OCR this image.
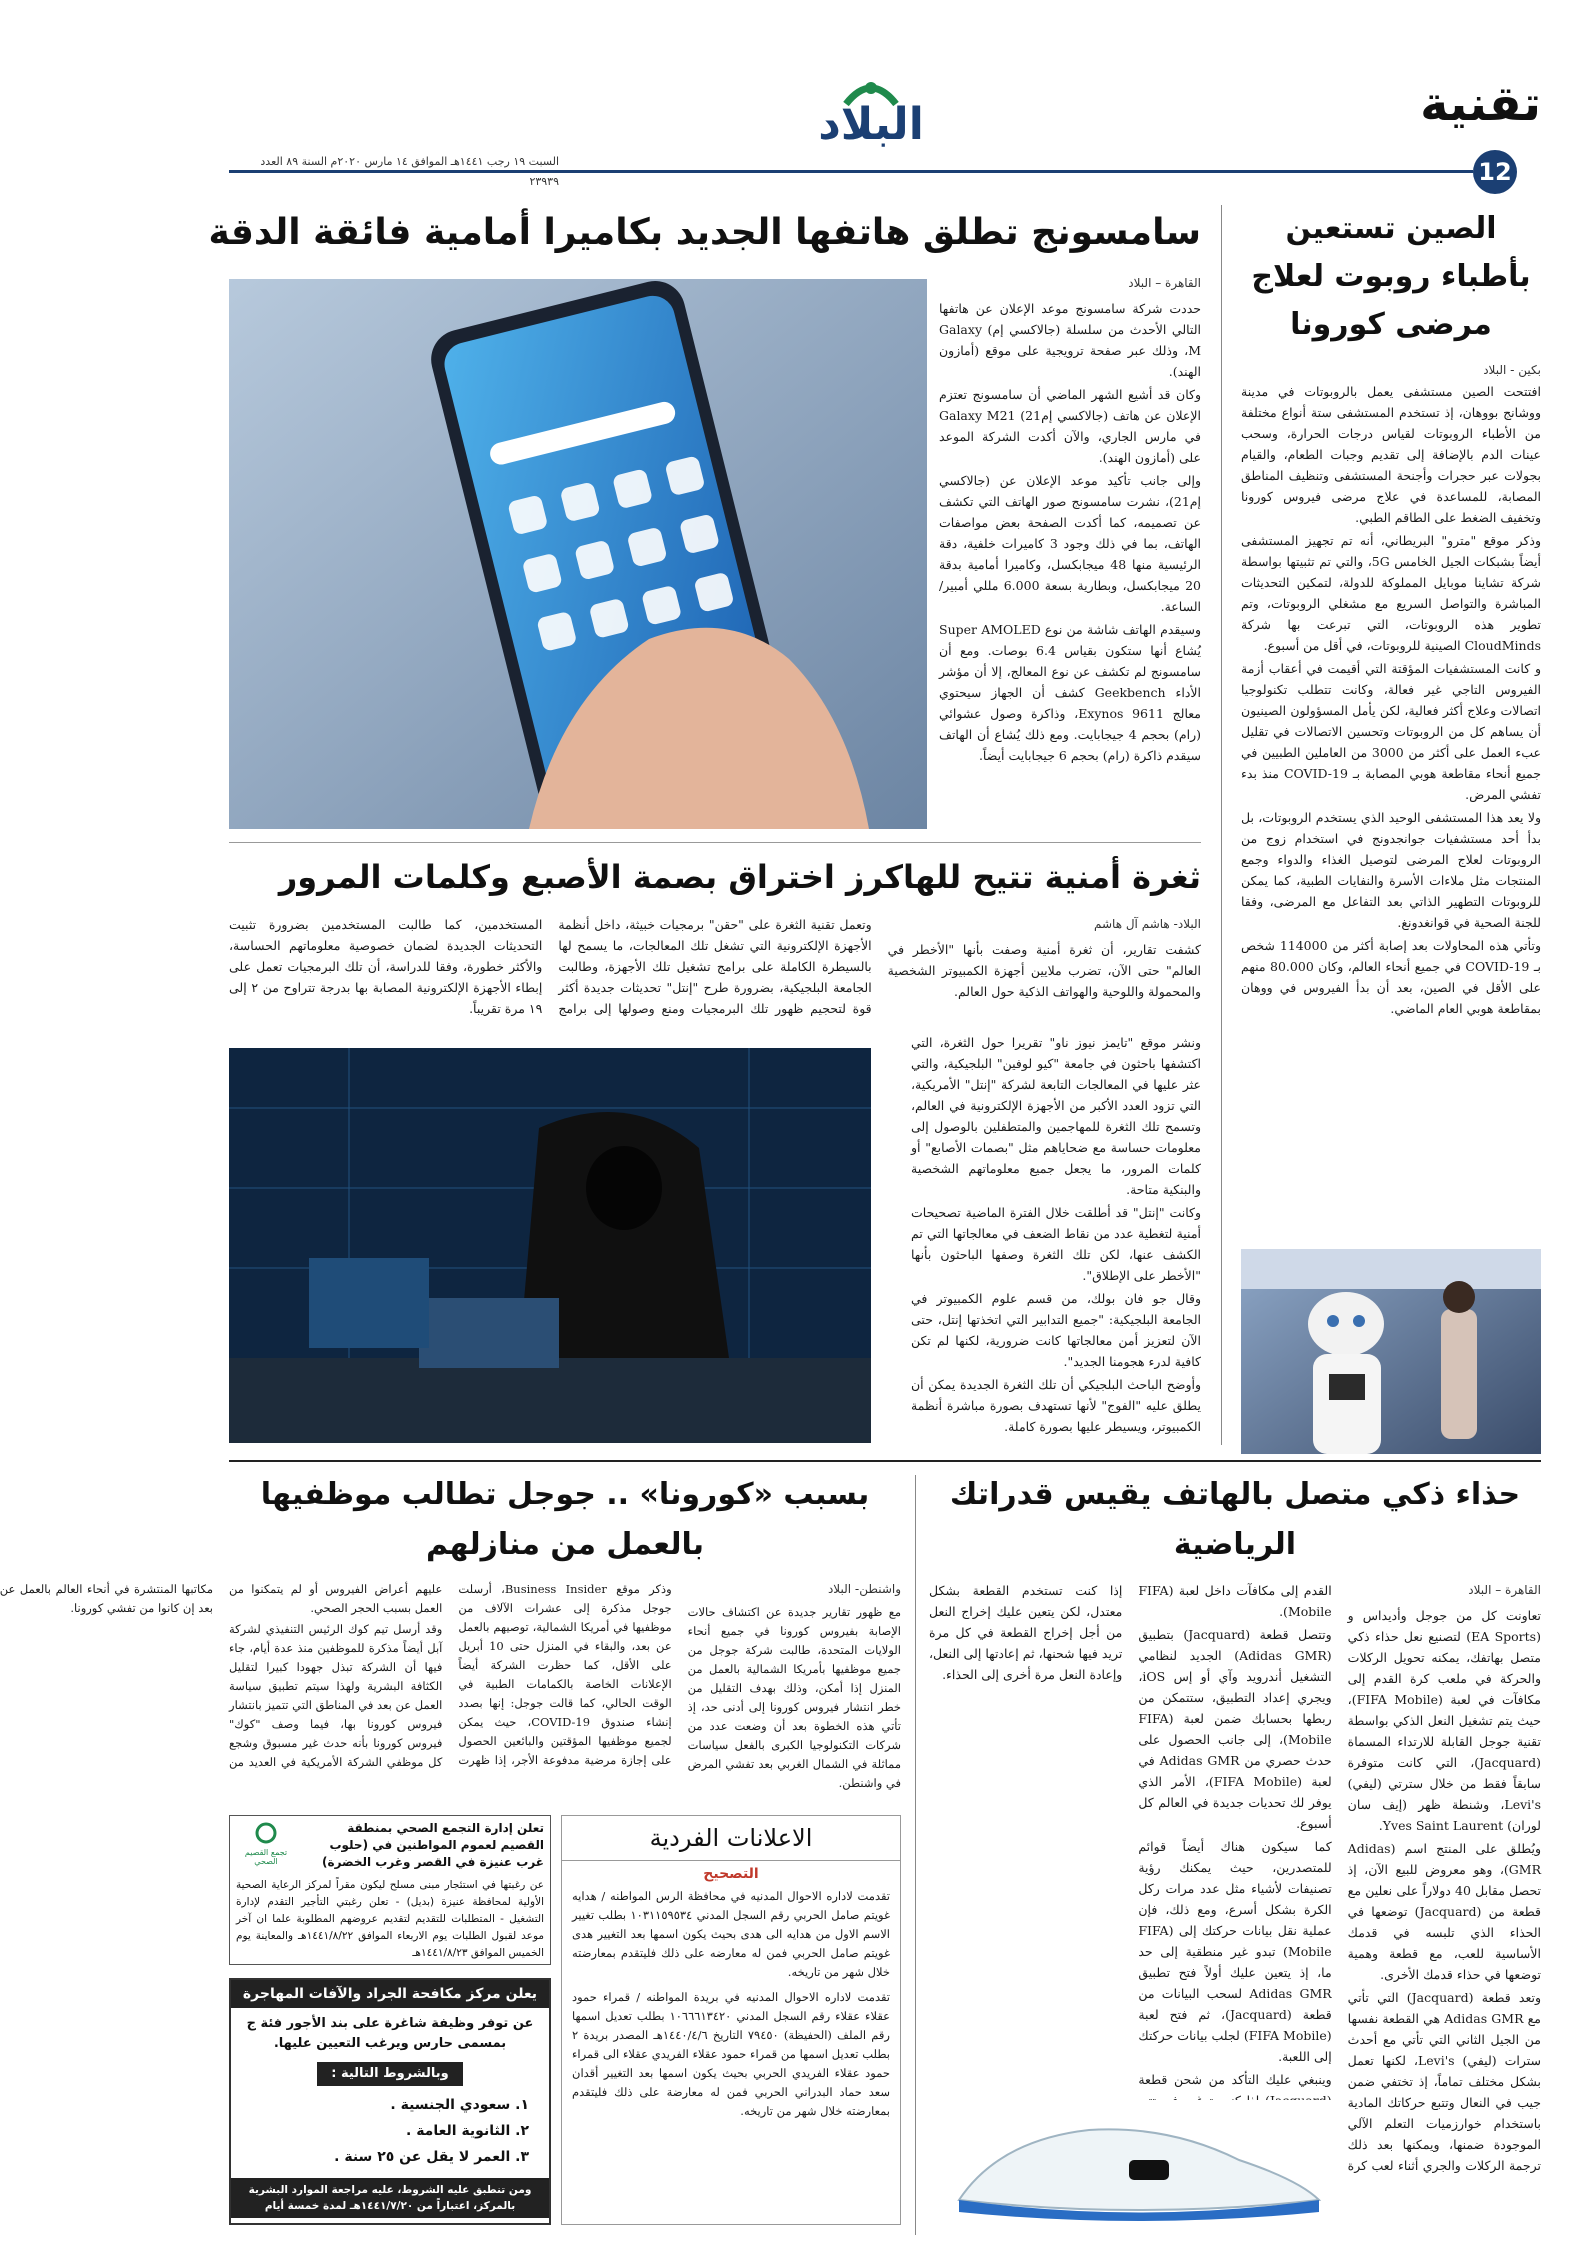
تقنية
12
البلاد
السبت ١٩ رجب ١٤٤١هـ الموافق ١٤ مارس ٢٠٢٠م السنة ٨٩ العدد ٢٣٩٣٩
الصين تستعين بأطباء روبوت لعلاج مرضى كورونا
بكين - البلاد

افتتحت الصين مستشفى يعمل بالروبوتات في مدينة ووشانج بووهان، إذ تستخدم المستشفى ستة أنواع مختلفة من الأطباء الروبوتات لقياس درجات الحرارة، وسحب عينات الدم بالإضافة إلى تقديم وجبات الطعام، والقيام بجولات عبر حجرات وأجنحة المستشفى وتنظيف المناطق المصابة، للمساعدة في علاج مرضى فيروس كورونا وتخفيف الضغط على الطاقم الطبي.

وذكر موقع "مترو" البريطاني، أنه تم تجهيز المستشفى أيضاً بشبكات الجيل الخامس 5G، والتي تم تثبيتها بواسطة شركة تشاينا موبايل المملوكة للدولة، لتمكين التحديثات المباشرة والتواصل السريع مع مشغلي الروبوتات، وتم تطوير هذه الروبوتات، التي تبرعت بها شركة CloudMinds الصينية للروبوتات، في أقل من أسبوع.

و كانت المستشفيات المؤقتة التي أقيمت في أعقاب أزمة الفيروس التاجي غير فعالة، وكانت تتطلب تكنولوجيا اتصالات وعلاج أكثر فعالية، لكن يأمل المسؤولون الصينيون أن يساهم كل من الروبوتات وتحسين الاتصالات في تقليل عبء العمل على أكثر من 3000 من العاملين الطبيين في جميع أنحاء مقاطعة هوبي المصابة بـ COVID-19 منذ بدء تفشي المرض.

ولا يعد هذا المستشفى الوحيد الذي يستخدم الروبوتات، بل بدأ أحد مستشفيات جوانجدونج في استخدام زوج من الروبوتات لعلاج المرضى لتوصيل الغذاء والدواء وجمع المنتجات مثل ملاءات الأسرة والنفايات الطبية، كما يمكن للروبوتات التطهير الذاتي بعد التفاعل مع المرضى، وفقا للجنة الصحية في قوانغدونغ.

وتأتي هذه المحاولات بعد إصابة أكثر من 114000 شخص بـ COVID-19 في جميع أنحاء العالم، وكان 80.000 منهم على الأقل في الصين، بعد أن بدأ الفيروس في ووهان بمقاطعة هوبي العام الماضي.

سامسونج تطلق هاتفها الجديد بكاميرا أمامية فائقة الدقة
القاهرة – البلاد

حددت شركة سامسونج موعد الإعلان عن هاتفها التالي الأحدث من سلسلة (جالاكسي إم) Galaxy M، وذلك عبر صفحة ترويجية على موقع (أمازون الهند).

وكان قد أشيع الشهر الماضي أن سامسونج تعتزم الإعلان عن هاتف (جالاكسي إم21) Galaxy M21 في مارس الجاري، والآن أكدت الشركة الموعد على (أمازون الهند).

وإلى جانب تأكيد موعد الإعلان عن (جالاكسي إم21)، نشرت سامسونج صور الهاتف التي تكشف عن تصميمه، كما أكدت الصفحة بعض مواصفات الهاتف، بما في ذلك وجود 3 كاميرات خلفية، دقة الرئيسية منها 48 ميجابكسل، وكاميرا أمامية بدقة 20 ميجابكسل، وبطارية بسعة 6.000 مللي أمبير/ الساعة.

وسيقدم الهاتف شاشة من نوع Super AMOLED يُشاع أنها ستكون بقياس 6.4 بوصات. ومع أن سامسونج لم تكشف عن نوع المعالج، إلا أن مؤشر الأداء Geekbench كشف أن الجهاز سيحتوي معالج Exynos 9611، وذاكرة وصول عشوائي (رام) بحجم 4 جيجابايت. ومع ذلك يُشاع أن الهاتف سيقدم ذاكرة (رام) بحجم 6 جيجابايت أيضاً.

ثغرة أمنية تتيح للهاكرز اختراق بصمة الأصبع وكلمات المرور
البلاد- هاشم آل هاشم

كشفت تقارير، أن ثغرة أمنية وصفت بأنها "الأخطر في العالم" حتى الآن، تضرب ملايين أجهزة الكمبيوتر الشخصية والمحمولة واللوحية والهواتف الذكية حول العالم.

وتعمل تقنية الثغرة على "حقن" برمجيات خبيثة، داخل أنظمة الأجهزة الإلكترونية التي تشغل تلك المعالجات، ما يسمح لها بالسيطرة الكاملة على برامج تشغيل تلك الأجهزة، وطالبت الجامعة البلجيكية، بضرورة طرح "إنتل" تحديثات جديدة أكثر قوة لتحجيم ظهور تلك البرمجيات ومنع وصولها إلى برامج المستخدمين، كما طالبت المستخدمين بضرورة تثبيت التحديثات الجديدة لضمان خصوصية معلوماتهم الحساسة، والأكثر خطورة، وفقا للدراسة، أن تلك البرمجيات تعمل على إبطاء الأجهزة الإلكترونية المصابة بها بدرجة تتراوح من ٢ إلى ١٩ مرة تقريباً.

ونشر موقع "تايمز نيوز ناو" تقريرا حول الثغرة، التي اكتشفها باحثون في جامعة "كيو لوفين" البلجيكية، والتي عثر عليها في المعالجات التابعة لشركة "إنتل" الأمريكية، التي تزود العدد الأكبر من الأجهزة الإلكترونية في العالم، وتسمح تلك الثغرة للمهاجمين والمتطفلين بالوصول إلى معلومات حساسة مع ضحاياهم مثل "بصمات الأصابع" أو كلمات المرور، ما يجعل جميع معلوماتهم الشخصية والبنكية متاحة.

وكانت "إنتل" قد أطلقت خلال الفترة الماضية تصحيحات أمنية لتغطية عدد من نقاط الضعف في معالجاتها التي تم الكشف عنها، لكن تلك الثغرة وصفها الباحثون بأنها "الأخطر على الإطلاق".

وقال جو فان بولك، من قسم علوم الكمبيوتر في الجامعة البلجيكية: "جميع التدابير التي اتخذتها إنتل، حتى الآن لتعزيز أمن معالجاتها كانت ضرورية، لكنها لم تكن كافية لدرء هجومنا الجديد".

وأوضح الباحث البلجيكي أن تلك الثغرة الجديدة يمكن أن يطلق عليه "الفوج" لأنها تستهدف بصورة مباشرة أنظمة الكمبيوتر، ويسيطر عليها بصورة كاملة.

حذاء ذكي متصل بالهاتف يقيس قدراتك الرياضية
القاهرة – البلاد

تعاونت كل من جوجل وأديداس و (EA Sports) لتصنيع نعل حذاء ذكي متصل بهاتفك، يمكنه تحويل الركلات والحركة في ملعب كرة القدم إلى مكافآت في لعبة (FIFA Mobile)، حيث يتم تشغيل النعل الذكي بواسطة تقنية جوجل القابلة للارتداء المسماة (Jacquard)، التي كانت متوفرة سابقاً فقط من خلال سترتي (ليفي) Levi's، وشنطة ظهر (إيف سان لوران) Yves Saint Laurent.

ويُطلق على المنتج اسم (Adidas GMR)، وهو معروض للبيع الآن، إذ تحصل مقابل 40 دولاراً على نعلين مع قطعة من (Jacquard) توضعها في الحذاء الذي تلبسه في قدمك الأساسية للعب، مع قطعة وهمية توضعها في حذاء قدمك الأخرى.

وتعد قطعة (Jacquard) التي تأتي مع Adidas GMR هي القطعة نفسها من الجيل الثاني التي تأتي مع أحدث سترات (ليفي) Levi's، لكنها تعمل بشكل مختلف تماماً، إذ تختفي ضمن جيب في النعال وتتبع حركاتك المادية باستخدام خوارزميات التعلم الآلي الموجودة ضمنها، ويمكنها بعد ذلك ترجمة الركلات والجري أثناء لعب كرة القدم إلى مكافآت داخل لعبة (FIFA Mobile).

وتتصل قطعة (Jacquard) بتطبيق (Adidas GMR) الجديد لنظامي التشغيل أندرويد وآي أو إس iOS، ويجري إعداد التطبيق، ستتمكن من ربطها بحسابك ضمن لعبة (FIFA Mobile)، إلى جانب الحصول على حدث حصري من Adidas GMR في لعبة (FIFA Mobile)، الأمر الذي يوفر لك تحديات جديدة في العالم كل أسبوع.

كما سيكون هناك أيضاً قوائم للمتصدرين، حيث يمكنك رؤية تصنيفات لأشياء مثل عدد مرات ركل الكرة بشكل أسرع، ومع ذلك، فإن عملية نقل بيانات حركتك إلى (FIFA Mobile) تبدو غير منطقية إلى حد ما، إذ يتعين عليك أولاً فتح تطبيق Adidas GMR لسحب البيانات من قطعة (Jacquard)، ثم فتح لعبة (FIFA Mobile) لجلب بيانات حركتك إلى اللعبة.

وينبغي عليك التأكد من شحن قطعة إذا كنت تستخدم القطعة بشكل معتدل، لكن يتعين عليك إخراج النعل من أجل إخراج القطعة في كل مرة تريد فيها شحنها، ثم إعادتها إلى النعل، وإعادة النعل مرة أخرى إلى الحذاء.

بسبب «كورونا» .. جوجل تطالب موظفيها بالعمل من منازلهم
واشنطن- البلاد

مع ظهور تقارير جديدة عن اكتشاف حالات الإصابة بفيروس كورونا في جميع أنحاء الولايات المتحدة، طالبت شركة جوجل من جميع موظفيها بأمريكا الشمالية بالعمل من المنزل إذا أمكن، وذلك بهدف التقليل من خطر انتشار فيروس كورونا إلى أدنى حد، إذ تأتي هذه الخطوة بعد أن وضعت عدد من شركات التكنولوجيا الكبرى بالفعل سياسات مماثلة في الشمال الغربي بعد تفشي المرض في واشنطن.

وذكر موقع Business Insider، أرسلت جوجل مذكرة إلى عشرات الآلاف من موظفيها في أمريكا الشمالية، توصيهم بالعمل عن بعد، والبقاء في المنزل حتى 10 أبريل على الأقل، كما حظرت الشركة أيضاً الإعلانات الخاصة بالكمامات الطبية في الوقت الحالي، كما قالت جوجل: إنها بصدد إنشاء صندوق COVID-19، حيث يمكن لجميع موظفيها المؤقتين والبائعين الحصول على إجازة مرضية مدفوعة الأجر، إذا ظهرت عليهم أعراض الفيروس أو لم يتمكنوا من العمل بسبب الحجر الصحي.

وقد أرسل تيم كوك الرئيس التنفيذي لشركة آبل أيضاً مذكرة للموظفين منذ عدة أيام، جاء فيها أن الشركة تبذل جهودا كبيرا لتقليل الكثافة البشرية ولهذا سيتم تطبيق سياسة العمل عن بعد في المناطق التي تتميز بانتشار فيروس كورونا بها، فيما وصف "كوك" فيروس كورونا بأنه حدث غير مسبوق وشجع كل موظفي الشركة الأمريكية في العديد من مكاتبها المنتشرة في أنحاء العالم بالعمل عن بعد إن كانوا من تفشي كورونا.

الاعلانات الفردية
التصحيح

تقدمت لاداره الاحوال المدنيه في محافظة الرس المواطنه / هدايه غويتم صامل الحربي رقم السجل المدني ١٠٣١١٥٩٥٣٤ بطلب تغيير الاسم الاول من هدايه الى هدى بحيث يكون اسمها بعد التغيير هدى غويتم صامل الحربي فمن له معارضه على ذلك فليتقدم بمعارضته خلال شهر من تاريخه.

تقدمت لاداره الاحوال المدنيه في بريدة المواطنه / قمراء حمود عقلاء عقلاء رقم السجل المدني ١٠٦٦٦١٣٤٢٠ بطلب تعديل اسمها رقم الملف (الحفيظة) ٧٩٤٥٠ التاريخ ١٤٤٠/٤/٦هـ المصدر بريدة ٢ بطلب تعديل اسمها من قمراء حمود عقلاء الفريدي عقلاء الى قمراء حمود عقلاء الفريدي الحربي بحيث يكون اسمها بعد التغيير أقدان سعد حماد البدراني الحربي فمن له معارضة على ذلك فليتقدم بمعارضته خلال شهر من تاريخه.

تعلن إدارة التجمع الصحي بمنطقة القصيم لعموم المواطنين في (حلوب غرب عنيزة في القصر وغرب الخضرة)
تجمع القصيم الصحي
عن رغبتها في استئجار مبنى مسلح ليكون مقراً لمركز الرعاية الصحية الأولية لمحافظة عنيزة (بديل) - تعلن رغبتي التأجير التقدم لإدارة التشغيل - المتطلبات للتقديم لتقديم عروضهم المطلوبة علما ان آخر موعد لقبول الطلبات يوم الاربعاء الموافق ١٤٤١/٨/٢٢هـ والمعاينة يوم الخميس الموافق ١٤٤١/٨/٢٣هـ
يعلن مركز مكافحة الجراد والآفات المهاجرة
عن توفر وظيفة شاغرة على بند الأجور فئة ج بمسمى حارس ويرغب التعيين عليها.
وبالشروط التالية :
١. سعودي الجنسية .
٢. الثانوية العامة .
٣. العمر لا يقل عن ٢٥ سنة .
ومن تنطبق عليه الشروط، عليه مراجعة الموارد البشرية بالمركز، اعتباراً من ١٤٤١/٧/٢٠هـ لمدة خمسة أيام
